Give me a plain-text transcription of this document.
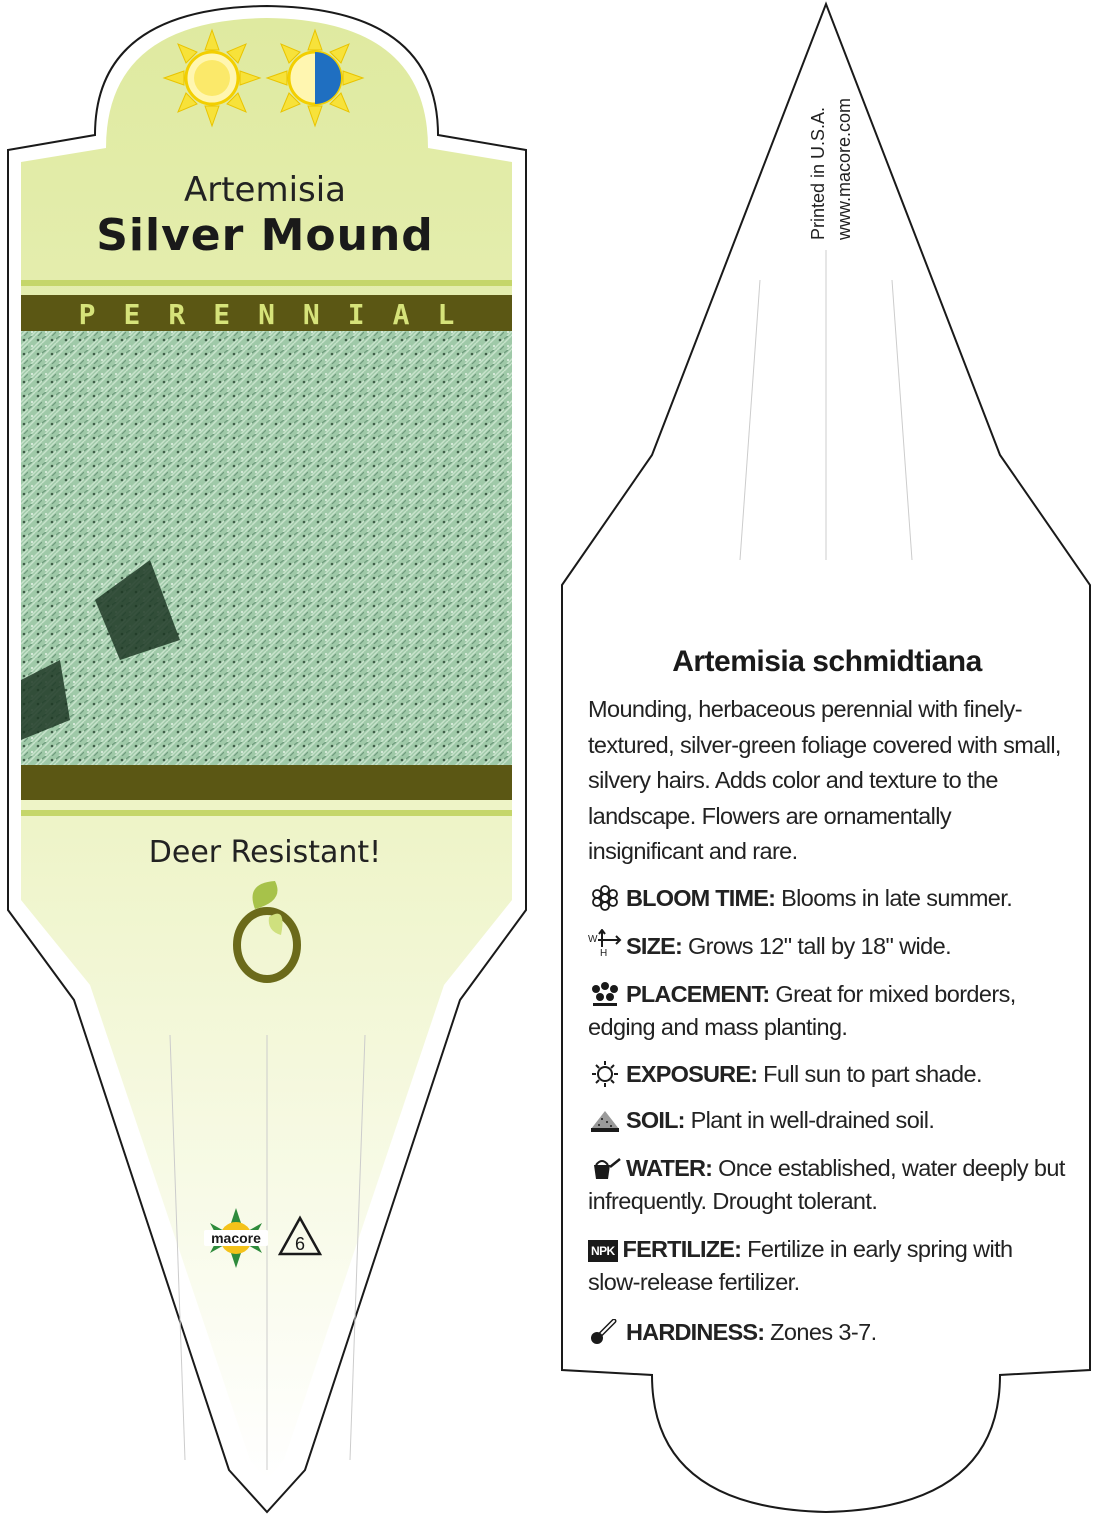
Artemisia
Silver Mound
PERENNIAL
Deer Resistant!
macore	6
Printed in U.S.A. www.macore.com
Artemisia schmidtiana
Mounding, herbaceous perennial with finely-textured, silver-green foliage covered with small, silvery hairs. Adds color and texture to the landscape. Flowers are ornamentally insignificant and rare.
BLOOM TIME: Blooms in late summer.
W
H SIZE: Grows 12" tall by 18" wide.
PLACEMENT: Great for mixed borders, edging and mass planting.
EXPOSURE: Full sun to part shade.
SOIL: Plant in well-drained soil.
WATER: Once established, water deeply but infrequently. Drought tolerant.
NPK FERTILIZE: Fertilize in early spring with slow-release fertilizer.
HARDINESS: Zones 3-7.
